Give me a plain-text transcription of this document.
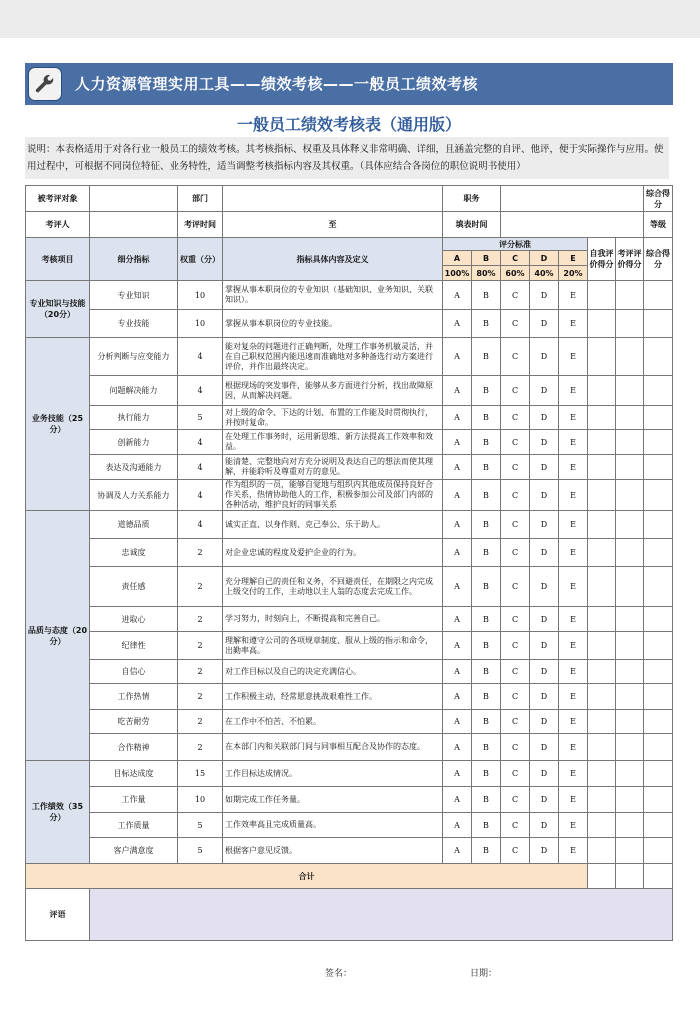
人力资源管理实用工具——绩效考核——一般员工绩效考核
一般员工绩效考核表（通用版）
说明：本表格适用于对各行业一般员工的绩效考核。其考核指标、权重及具体释义非常明确、详细，且涵盖完整的自评、他评，便于实际操作与应用。使用过程中，可根据不同岗位特征、业务特性，适当调整考核指标内容及其权重。（具体应结合各岗位的职位说明书使用）
被考评对象		部门		职务							综合得分
考评人		考评时间	至	填表时间							等级
考核项目	细分指标	权重（分）	指标具体内容及定义	评分标准					自我评价得分	考评评价得分	综合得分
				A	B	C	D	E			
				100%	80%	60%	40%	20%			
专业知识与技能（20分）	专业知识	10	掌握从事本职岗位的专业知识（基础知识、业务知识、关联知识）。	A	B	C	D	E			
	专业技能	10	掌握从事本职岗位的专业技能。	A	B	C	D	E			
业务技能（25分）	分析判断与应变能力	4	能对复杂的问题进行正确判断，处理工作事务机敏灵活，并在自己职权范围内能迅速而准确地对多种备选行动方案进行评价，并作出最终决定。	A	B	C	D	E			
	问题解决能力	4	根据现场的突发事件，能够从多方面进行分析，找出故障原因，从而解决问题。	A	B	C	D	E			
	执行能力	5	对上级的命令、下达的计划、布置的工作能及时贯彻执行，并按时复命。	A	B	C	D	E			
	创新能力	4	在处理工作事务时，运用新思维、新方法提高工作效率和效益。	A	B	C	D	E			
	表达及沟通能力	4	能清楚、完整地向对方充分说明及表达自己的想法而使其理解，并能聆听及尊重对方的意见。	A	B	C	D	E			
	协调及人力关系能力	4	作为组织的一员，能够自觉地与组织内其他成员保持良好合作关系，热情协助他人的工作，积极参加公司及部门内部的各种活动，维护良好的同事关系	A	B	C	D	E			
品质与态度（20分）	道德品质	4	诚实正直、以身作则、克己奉公、乐于助人。	A	B	C	D	E			
	忠诚度	2	对企业忠诚的程度及爱护企业的行为。	A	B	C	D	E			
	责任感	2	充分理解自己的责任和义务，不回避责任，在期限之内完成上级交付的工作，主动地以主人翁的态度去完成工作。	A	B	C	D	E			
	进取心	2	学习努力，时刻向上，不断提高和完善自己。	A	B	C	D	E			
	纪律性	2	理解和遵守公司的各项规章制度、服从上级的指示和命令，出勤率高。	A	B	C	D	E			
	自信心	2	对工作目标以及自己的决定充满信心。	A	B	C	D	E			
	工作热情	2	工作积极主动，经常愿意挑战艰难性工作。	A	B	C	D	E			
	吃苦耐劳	2	在工作中不怕苦、不怕累。	A	B	C	D	E			
	合作精神	2	在本部门内和关联部门间与同事相互配合及协作的态度。	A	B	C	D	E			
工作绩效（35分）	目标达成度	15	工作目标达成情况。	A	B	C	D	E			
	工作量	10	如期完成工作任务量。	A	B	C	D	E			
	工作质量	5	工作效率高且完成质量高。	A	B	C	D	E			
	客户满意度	5	根据客户意见反馈。	A	B	C	D	E			
合计											
评语											
签名：	日期：
